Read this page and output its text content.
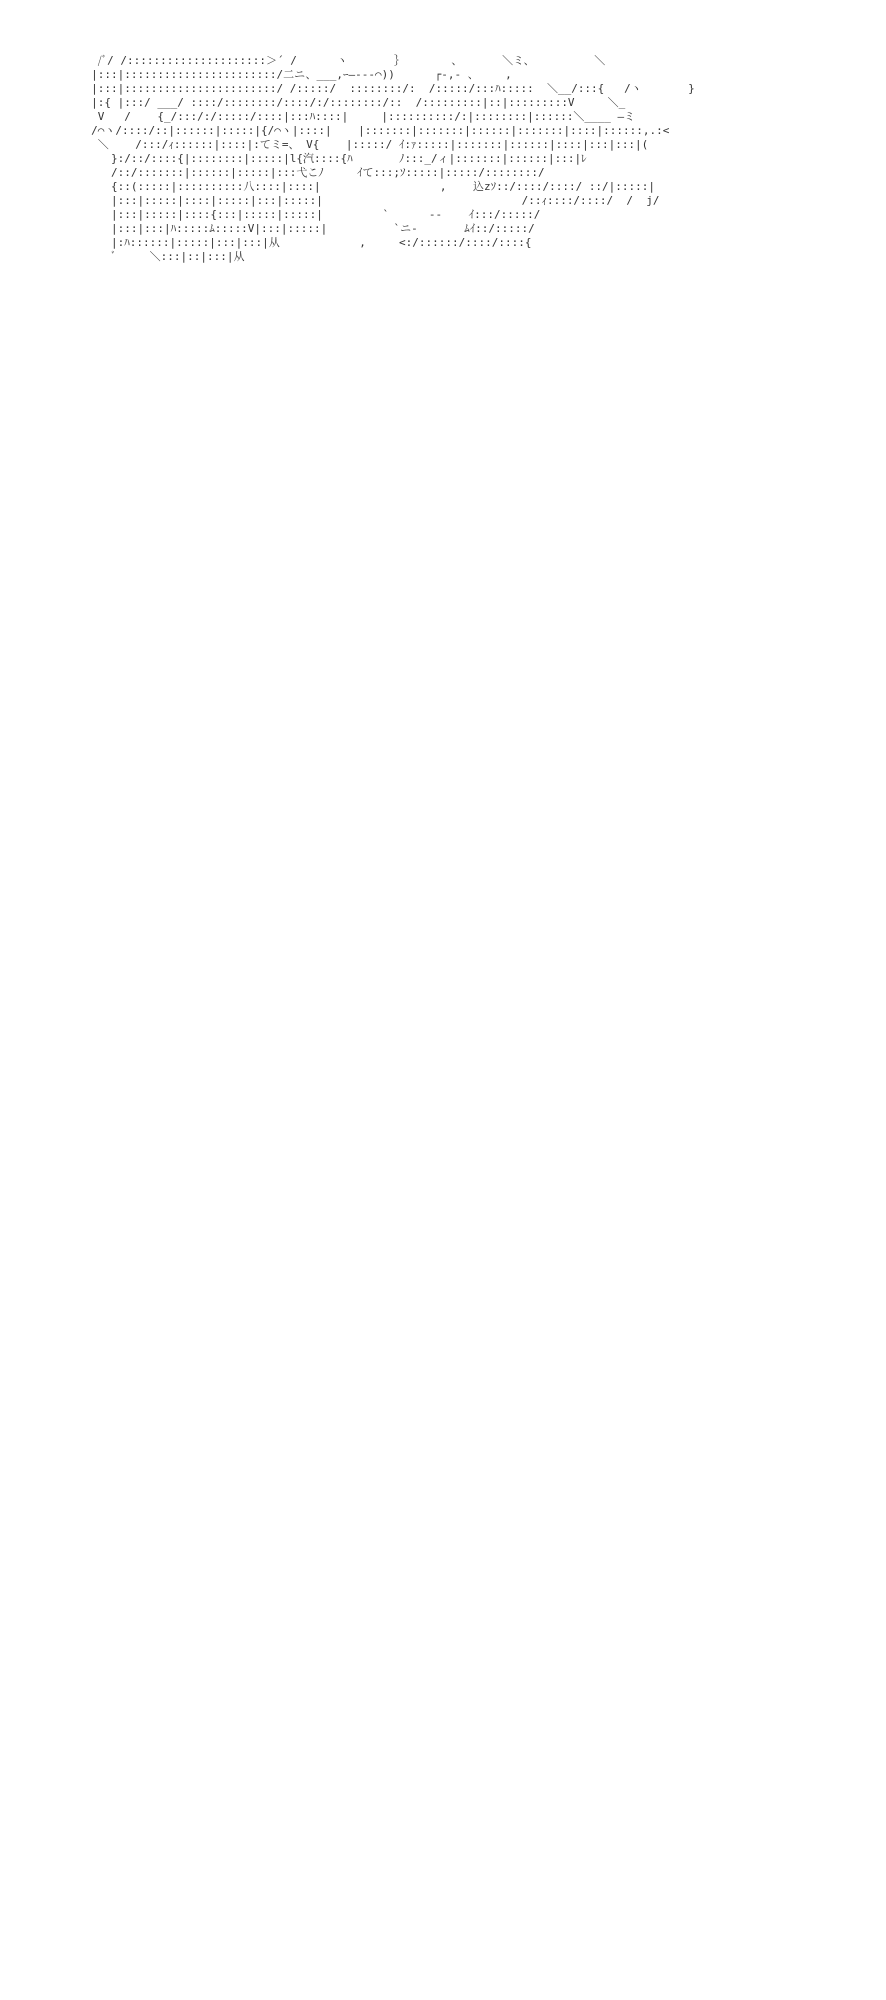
/ﾞ/ /:::::::::::::::::::::＞´ /      ヽ       ｝       、      ＼ミ、         ＼
|:::|:::::::::::::::::::::::/二ニ、___,ｰ―--‐⌒))      ┌-,- 、    ,
|:::|:::::::::::::::::::::::/ /:::::/  ::::::::/:  /:::::/:::ﾊ:::::  ＼__/:::{   /ヽ       }
|:{ |:::/ ___/ ::::/::::::::/::::/:/::::::::/::  /:::::::::|::|:::::::::V     ＼_
V   /    {_/:::/:/:::::/::::|:::ﾊ::::|     |::::::::::/:|::::::::|::::::＼____ ―ミ
/⌒ヽ/::::/::|::::::|:::::|{/⌒ヽ|::::|    |:::::::|:::::::|::::::|:::::::|::::|::::::,.:<
＼    /:::/ｨ::::::|::::|:てミ=、 V{    |:::::/ ｲ:ｧ:::::|:::::::|::::::|::::|:::|:::|(
}:/::/::::{|::::::::|:::::|l{汽::::{ﾊ       ﾉ:::_/ィ|:::::::|::::::|:::|ﾚ
/::/:::::::|::::::|:::::|:::弋こﾉ     ｲて:::;ｿ:::::|:::::/::::::::/
{::(:::::|::::::::::八::::|::::|                  ,    込zｿ::/::::/::::/ ::/|:::::|
|:::|:::::|::::|:::::|:::|:::::|                              /::ｨ::::/::::/  /  j/
|:::|:::::|::::{:::|:::::|:::::|         `      ‐-    ｲ:::/:::::/
|:::|:::|ﾊ:::::ﾑ:::::V|:::|:::::|          `ニ-       ﾑｲ::/:::::/
|:ﾊ::::::|:::::|:::|:::|从            ,     <:/::::::/::::/::::{
ﾞ     ＼:::|::|:::|从
